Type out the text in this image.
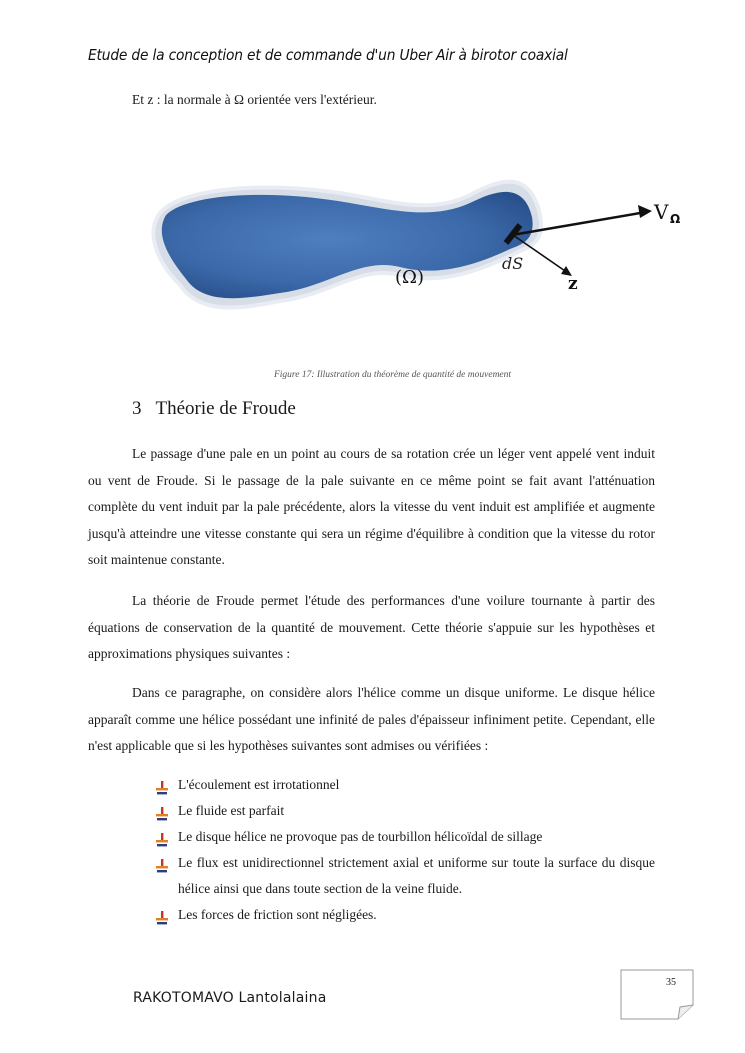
Etude de la conception et de commande d'un Uber Air à birotor coaxial
Et z : la normale à Ω orientée vers l'extérieur.
(Ω)
dS
V Ω
z
Figure 17: Illustration du théorème de quantité de mouvement
3 Théorie de Froude

Le passage d'une pale en un point au cours de sa rotation crée un léger vent appelé vent induit ou vent de Froude. Si le passage de la pale suivante en ce même point se fait avant l'atténuation complète du vent induit par la pale précédente, alors la vitesse du vent induit est amplifiée et augmente jusqu'à atteindre une vitesse constante qui sera un régime d'équilibre à condition que la vitesse du rotor soit maintenue constante.

La théorie de Froude permet l'étude des performances d'une voilure tournante à partir des équations de conservation de la quantité de mouvement. Cette théorie s'appuie sur les hypothèses et approximations physiques suivantes :

Dans ce paragraphe, on considère alors l'hélice comme un disque uniforme. Le disque hélice apparaît comme une hélice possédant une infinité de pales d'épaisseur infiniment petite. Cependant, elle n'est applicable que si les hypothèses suivantes sont admises ou vérifiées :

L'écoulement est irrotationnel
Le fluide est parfait
Le disque hélice ne provoque pas de tourbillon hélicoïdal de sillage
Le flux est unidirectionnel strictement axial et uniforme sur toute la surface du disque hélice ainsi que dans toute section de la veine fluide.
Les forces de friction sont négligées.
35
RAKOTOMAVO Lantolalaina
